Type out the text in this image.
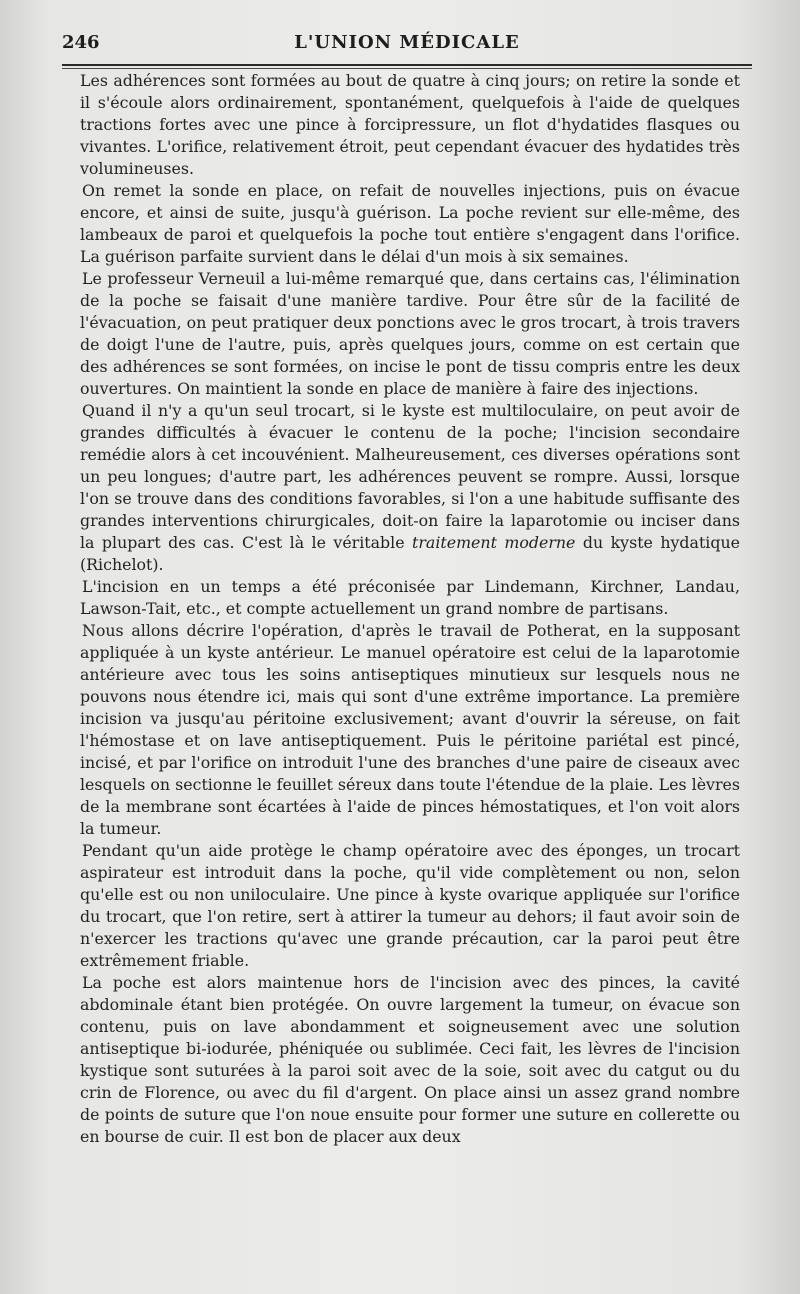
246	L'UNION MÉDICALE

Les adhérences sont formées au bout de quatre à cinq jours; on retire la sonde et il s'écoule alors ordinairement, spontanément, quelquefois à l'aide de quelques tractions fortes avec une pince à forcipressure, un flot d'hydatides flasques ou vivantes. L'orifice, relativement étroit, peut cependant évacuer des hydatides très volumineuses.

On remet la sonde en place, on refait de nouvelles injections, puis on évacue encore, et ainsi de suite, jusqu'à guérison. La poche revient sur elle-même, des lambeaux de paroi et quelquefois la poche tout entière s'engagent dans l'orifice. La guérison parfaite survient dans le délai d'un mois à six semaines.

Le professeur Verneuil a lui-même remarqué que, dans certains cas, l'élimination de la poche se faisait d'une manière tardive. Pour être sûr de la facilité de l'évacuation, on peut pratiquer deux ponctions avec le gros trocart, à trois travers de doigt l'une de l'autre, puis, après quelques jours, comme on est certain que des adhérences se sont formées, on incise le pont de tissu compris entre les deux ouvertures. On maintient la sonde en place de manière à faire des injections.

Quand il n'y a qu'un seul trocart, si le kyste est multiloculaire, on peut avoir de grandes difficultés à évacuer le contenu de la poche; l'incision secondaire remédie alors à cet incouvénient. Malheureusement, ces diverses opérations sont un peu longues; d'autre part, les adhérences peuvent se rompre. Aussi, lorsque l'on se trouve dans des conditions favorables, si l'on a une habitude suffisante des grandes interventions chirurgicales, doit-on faire la laparotomie ou inciser dans la plupart des cas. C'est là le véritable traitement moderne du kyste hydatique (Richelot).

L'incision en un temps a été préconisée par Lindemann, Kirchner, Landau, Lawson-Tait, etc., et compte actuellement un grand nombre de partisans.

Nous allons décrire l'opération, d'après le travail de Potherat, en la supposant appliquée à un kyste antérieur. Le manuel opératoire est celui de la laparotomie antérieure avec tous les soins antiseptiques minutieux sur lesquels nous ne pouvons nous étendre ici, mais qui sont d'une extrême importance. La première incision va jusqu'au péritoine exclusivement; avant d'ouvrir la séreuse, on fait l'hémostase et on lave antiseptiquement. Puis le péritoine pariétal est pincé, incisé, et par l'orifice on introduit l'une des branches d'une paire de ciseaux avec lesquels on sectionne le feuillet séreux dans toute l'étendue de la plaie. Les lèvres de la membrane sont écartées à l'aide de pinces hémostatiques, et l'on voit alors la tumeur.

Pendant qu'un aide protège le champ opératoire avec des éponges, un trocart aspirateur est introduit dans la poche, qu'il vide complètement ou non, selon qu'elle est ou non uniloculaire. Une pince à kyste ovarique appliquée sur l'orifice du trocart, que l'on retire, sert à attirer la tumeur au dehors; il faut avoir soin de n'exercer les tractions qu'avec une grande précaution, car la paroi peut être extrêmement friable.

La poche est alors maintenue hors de l'incision avec des pinces, la cavité abdominale étant bien protégée. On ouvre largement la tumeur, on évacue son contenu, puis on lave abondamment et soigneusement avec une solution antiseptique bi-iodurée, phéniquée ou sublimée. Ceci fait, les lèvres de l'incision kystique sont suturées à la paroi soit avec de la soie, soit avec du catgut ou du crin de Florence, ou avec du fil d'argent. On place ainsi un assez grand nombre de points de suture que l'on noue ensuite pour former une suture en collerette ou en bourse de cuir. Il est bon de placer aux deux
